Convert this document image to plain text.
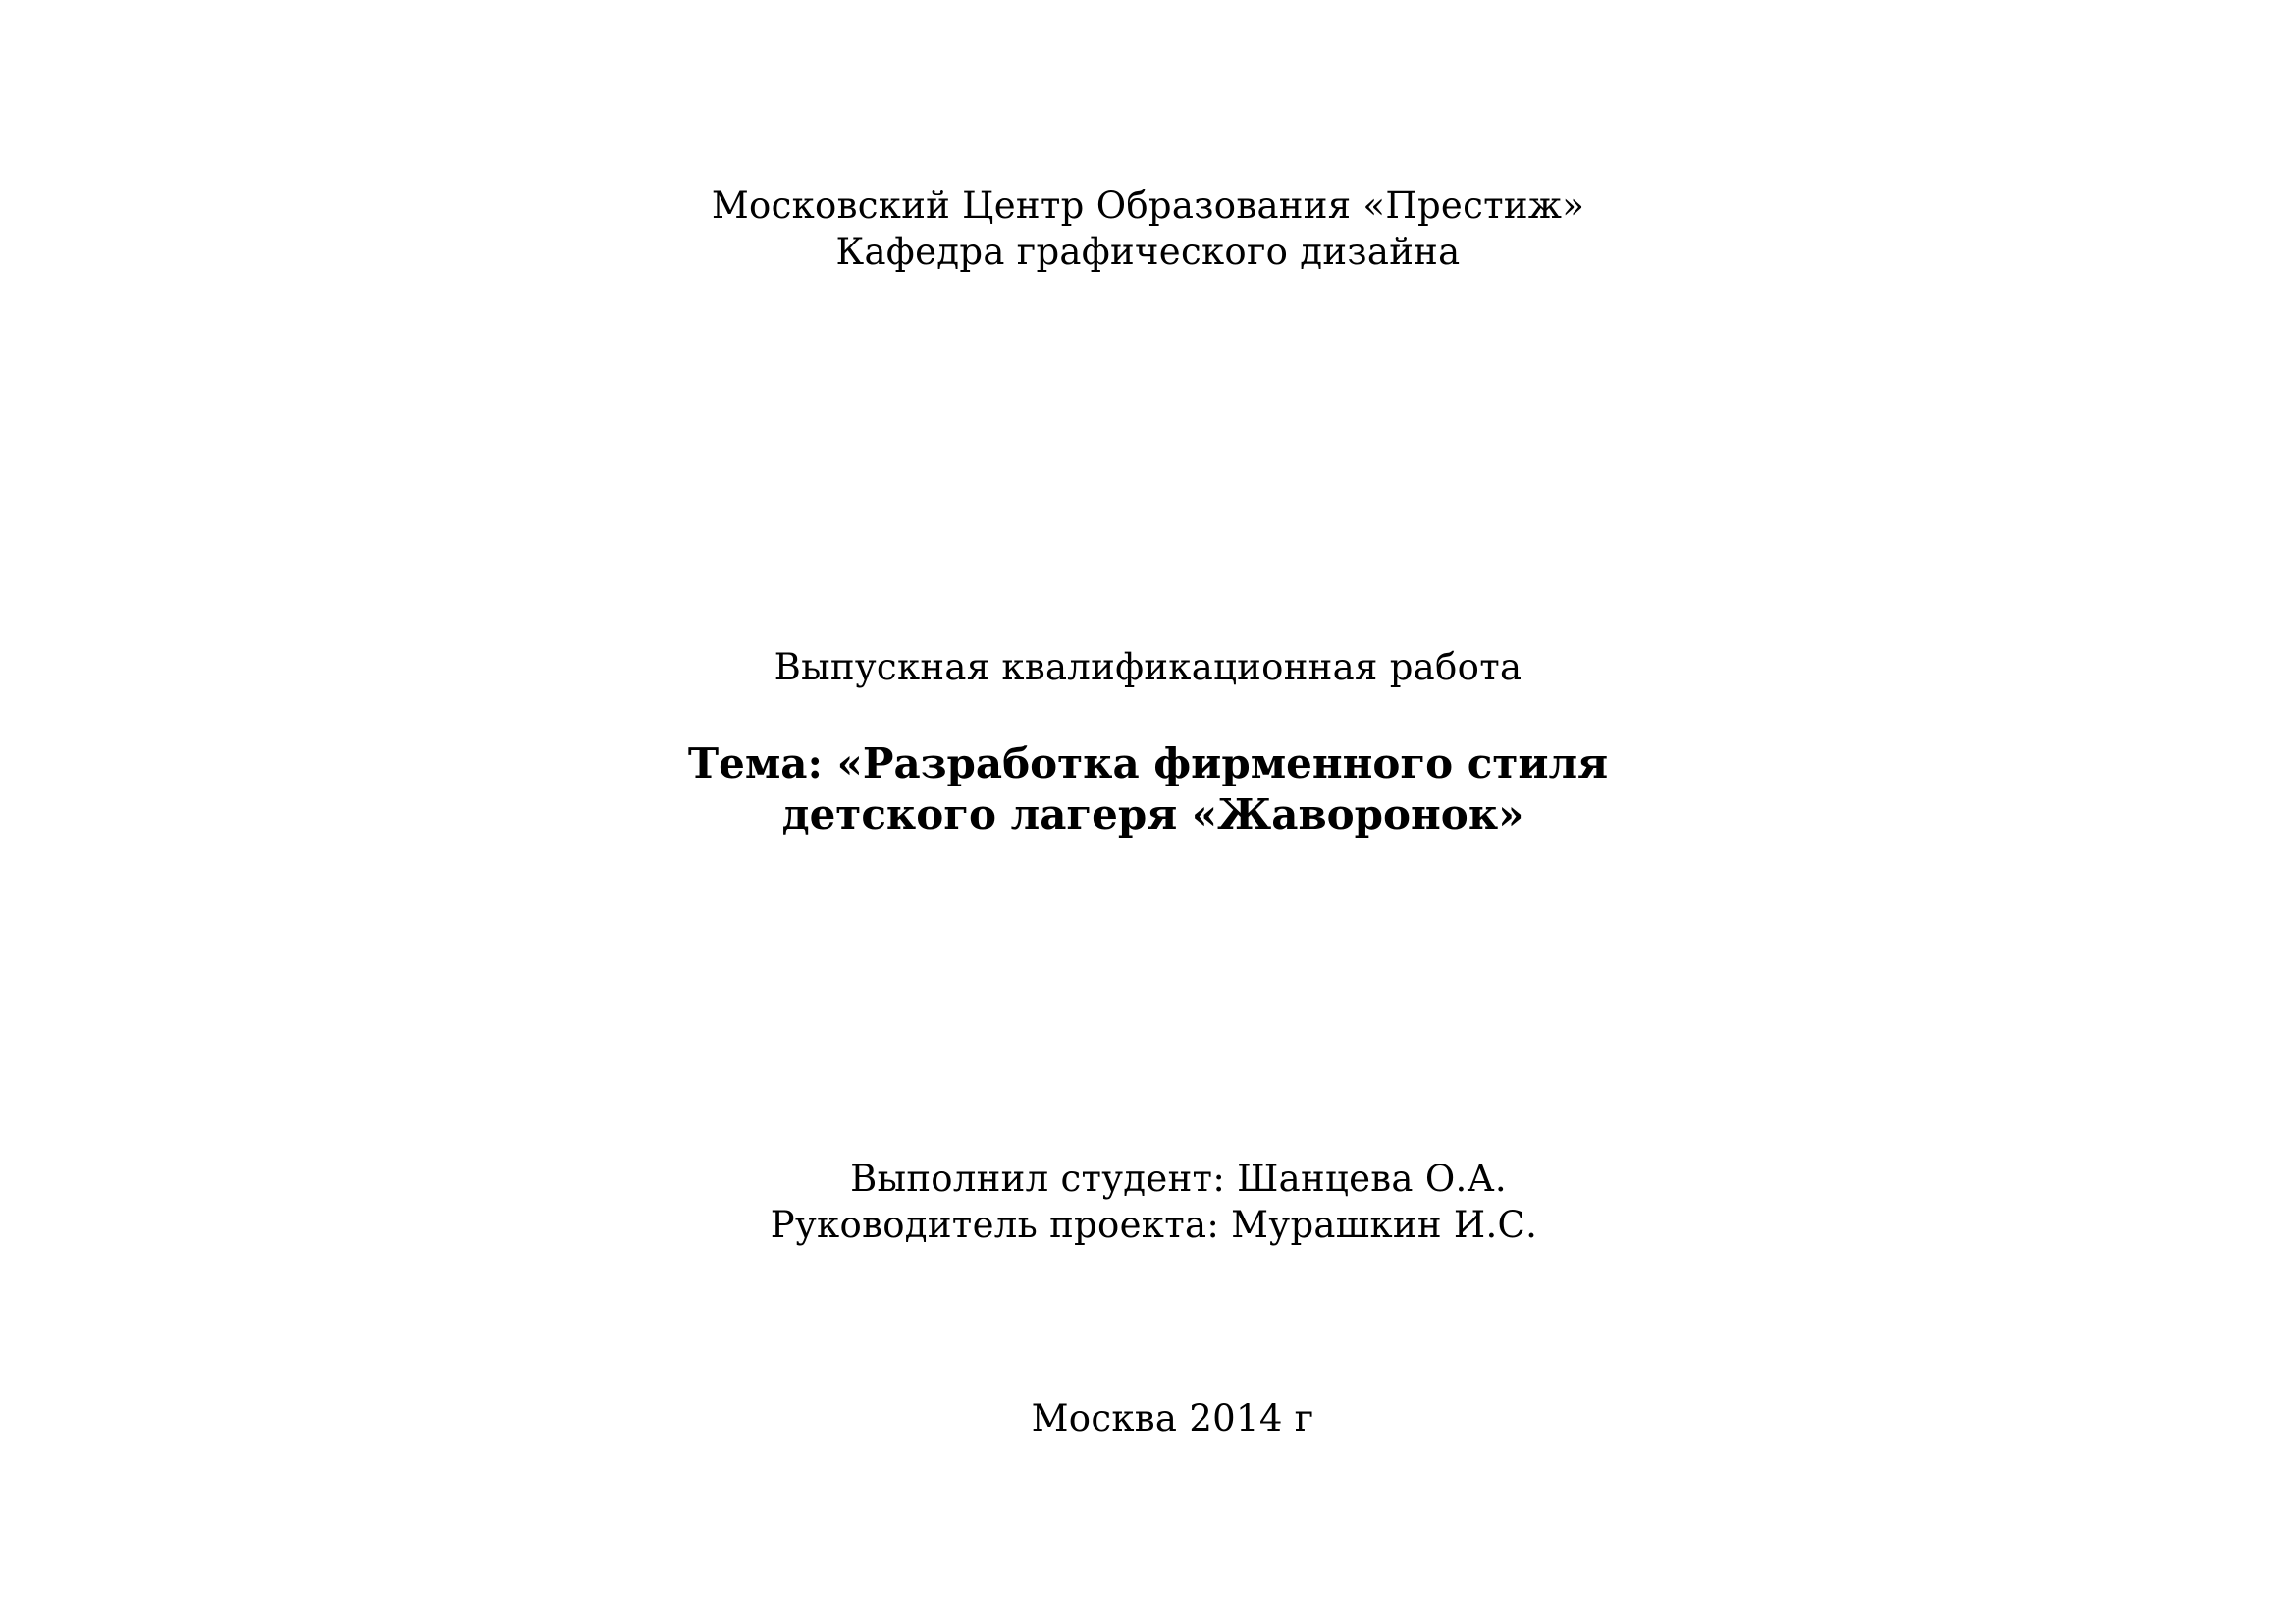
Московский Центр Образования «Престиж»
Кафедра графического дизайна
Выпускная квалификационная работа
Тема: «Разработка фирменного стиля
детского лагеря «Жаворонок»
Выполнил студент: Шанцева О.А.
Руководитель проекта: Мурашкин И.С.
Москва 2014 г
